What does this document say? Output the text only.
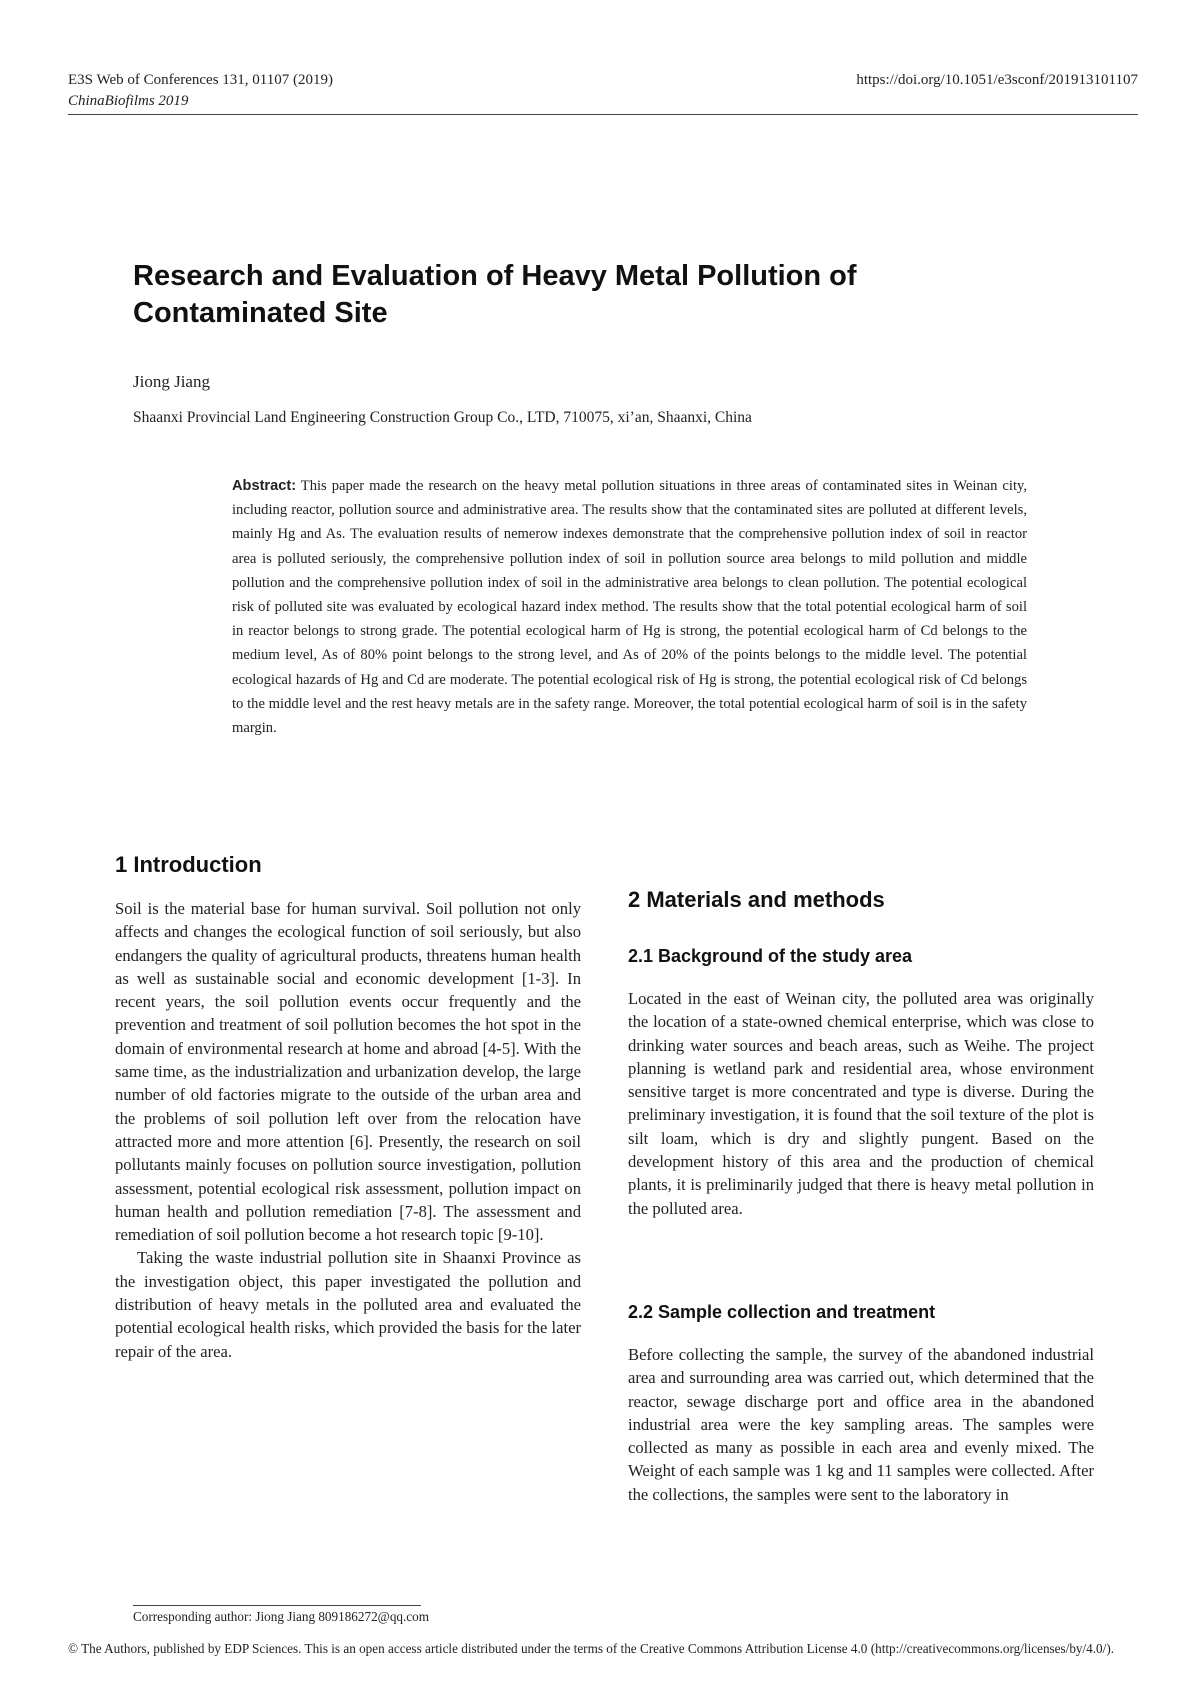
E3S Web of Conferences 131, 01107 (2019)
ChinaBiofilms 2019
https://doi.org/10.1051/e3sconf/201913101107
Research and Evaluation of Heavy Metal Pollution of Contaminated Site
Jiong Jiang
Shaanxi Provincial Land Engineering Construction Group Co., LTD, 710075, xi’an, Shaanxi, China

Abstract: This paper made the research on the heavy metal pollution situations in three areas of contaminated sites in Weinan city, including reactor, pollution source and administrative area. The results show that the contaminated sites are polluted at different levels, mainly Hg and As. The evaluation results of nemerow indexes demonstrate that the comprehensive pollution index of soil in reactor area is polluted seriously, the comprehensive pollution index of soil in pollution source area belongs to mild pollution and middle pollution and the comprehensive pollution index of soil in the administrative area belongs to clean pollution. The potential ecological risk of polluted site was evaluated by ecological hazard index method. The results show that the total potential ecological harm of soil in reactor belongs to strong grade. The potential ecological harm of Hg is strong, the potential ecological harm of Cd belongs to the medium level, As of 80% point belongs to the strong level, and As of 20% of the points belongs to the middle level. The potential ecological hazards of Hg and Cd are moderate. The potential ecological risk of Hg is strong, the potential ecological risk of Cd belongs to the middle level and the rest heavy metals are in the safety range. Moreover, the total potential ecological harm of soil is in the safety margin.

1 Introduction

Soil is the material base for human survival. Soil pollution not only affects and changes the ecological function of soil seriously, but also endangers the quality of agricultural products, threatens human health as well as sustainable social and economic development [1-3]. In recent years, the soil pollution events occur frequently and the prevention and treatment of soil pollution becomes the hot spot in the domain of environmental research at home and abroad [4-5]. With the same time, as the industrialization and urbanization develop, the large number of old factories migrate to the outside of the urban area and the problems of soil pollution left over from the relocation have attracted more and more attention [6]. Presently, the research on soil pollutants mainly focuses on pollution source investigation, pollution assessment, potential ecological risk assessment, pollution impact on human health and pollution remediation [7-8]. The assessment and remediation of soil pollution become a hot research topic [9-10].

Taking the waste industrial pollution site in Shaanxi Province as the investigation object, this paper investigated the pollution and distribution of heavy metals in the polluted area and evaluated the potential ecological health risks, which provided the basis for the later repair of the area.

2 Materials and methods
2.1 Background of the study area

Located in the east of Weinan city, the polluted area was originally the location of a state-owned chemical enterprise, which was close to drinking water sources and beach areas, such as Weihe. The project planning is wetland park and residential area, whose environment sensitive target is more concentrated and type is diverse. During the preliminary investigation, it is found that the soil texture of the plot is silt loam, which is dry and slightly pungent. Based on the development history of this area and the production of chemical plants, it is preliminarily judged that there is heavy metal pollution in the polluted area.

2.2 Sample collection and treatment

Before collecting the sample, the survey of the abandoned industrial area and surrounding area was carried out, which determined that the reactor, sewage discharge port and office area in the abandoned industrial area were the key sampling areas. The samples were collected as many as possible in each area and evenly mixed. The Weight of each sample was 1 kg and 11 samples were collected. After the collections, the samples were sent to the laboratory in

Corresponding author: Jiong Jiang 809186272@qq.com

© The Authors, published by EDP Sciences. This is an open access article distributed under the terms of the Creative Commons Attribution License 4.0 (http://creativecommons.org/licenses/by/4.0/).
